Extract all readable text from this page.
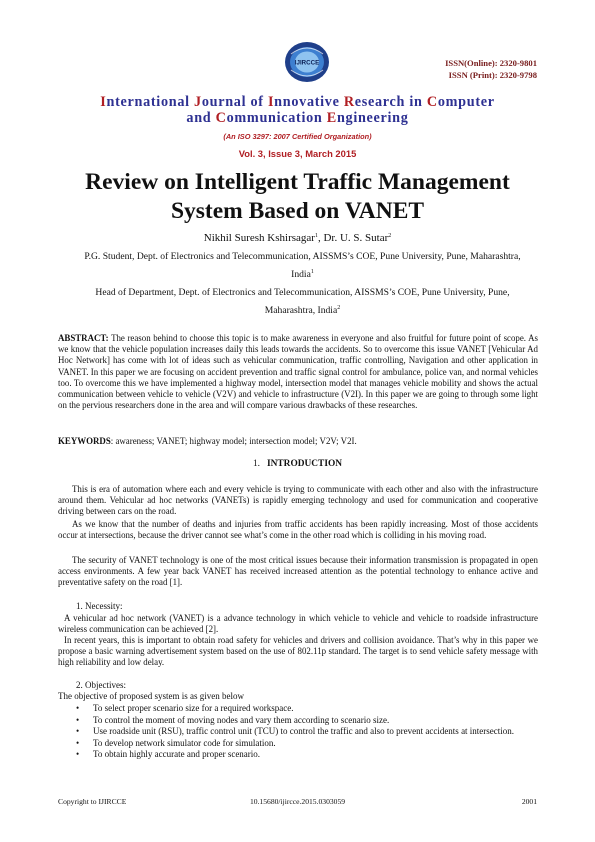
IJIRCCE	ISSN(Online): 2320-9801
ISSN (Print): 2320-9798
International Journal of Innovative Research in Computer
and Communication Engineering
(An ISO 3297: 2007 Certified Organization)
Vol. 3, Issue 3, March 2015
Review on Intelligent Traffic Management
System Based on VANET
Nikhil Suresh Kshirsagar$^1$, Dr. U. S. Sutar$^2$
P.G. Student, Dept. of Electronics and Telecommunication, AISSMS’s COE, Pune University, Pune, Maharashtra,
India$^1$
Head of Department, Dept. of Electronics and Telecommunication, AISSMS’s COE, Pune University, Pune,
Maharashtra, India$^2$
ABSTRACT: The reason behind to choose this topic is to make awareness in everyone and also fruitful for future point of scope. As we know that the vehicle population increases daily this leads towards the accidents. So to overcome this issue VANET [Vehicular Ad Hoc Network] has come with lot of ideas such as vehicular communication, traffic controlling, Navigation and other application in VANET. In this paper we are focusing on accident prevention and traffic signal control for ambulance, police van, and normal vehicles too. To overcome this we have implemented a highway model, intersection model that manages vehicle mobility and shows the actual communication between vehicle to vehicle (V2V) and vehicle to infrastructure (V2I). In this paper we are going to through some light on the pervious researchers done in the area and will compare various drawbacks of these researches.
KEYWORDS: awareness; VANET; highway model; intersection model; V2V; V2I.
1. INTRODUCTION
This is era of automation where each and every vehicle is trying to communicate with each other and also with the infrastructure around them. Vehicular ad hoc networks (VANETs) is rapidly emerging technology and used for communication and cooperative driving between cars on the road.
As we know that the number of deaths and injuries from traffic accidents has been rapidly increasing. Most of those accidents occur at intersections, because the driver cannot see what’s come in the other road which is colliding in his moving road.
The security of VANET technology is one of the most critical issues because their information transmission is propagated in open access environments. A few year back VANET has received increased attention as the potential technology to enhance active and preventative safety on the road [1].
1. Necessity:
A vehicular ad hoc network (VANET) is a advance technology in which vehicle to vehicle and vehicle to roadside infrastructure wireless communication can be achieved [2].
In recent years, this is important to obtain road safety for vehicles and drivers and collision avoidance. That’s why in this paper we propose a basic warning advertisement system based on the use of 802.11p standard. The target is to send vehicle safety message with high reliability and low delay.
2. Objectives:
The objective of proposed system is as given below
• To select proper scenario size for a required workspace.
• To control the moment of moving nodes and vary them according to scenario size.
• Use roadside unit (RSU), traffic control unit (TCU) to control the traffic and also to prevent accidents at intersection.
• To develop network simulator code for simulation.
• To obtain highly accurate and proper scenario.
Copyright to IJIRCCE	10.15680/ijircce.2015.0303059	2001
